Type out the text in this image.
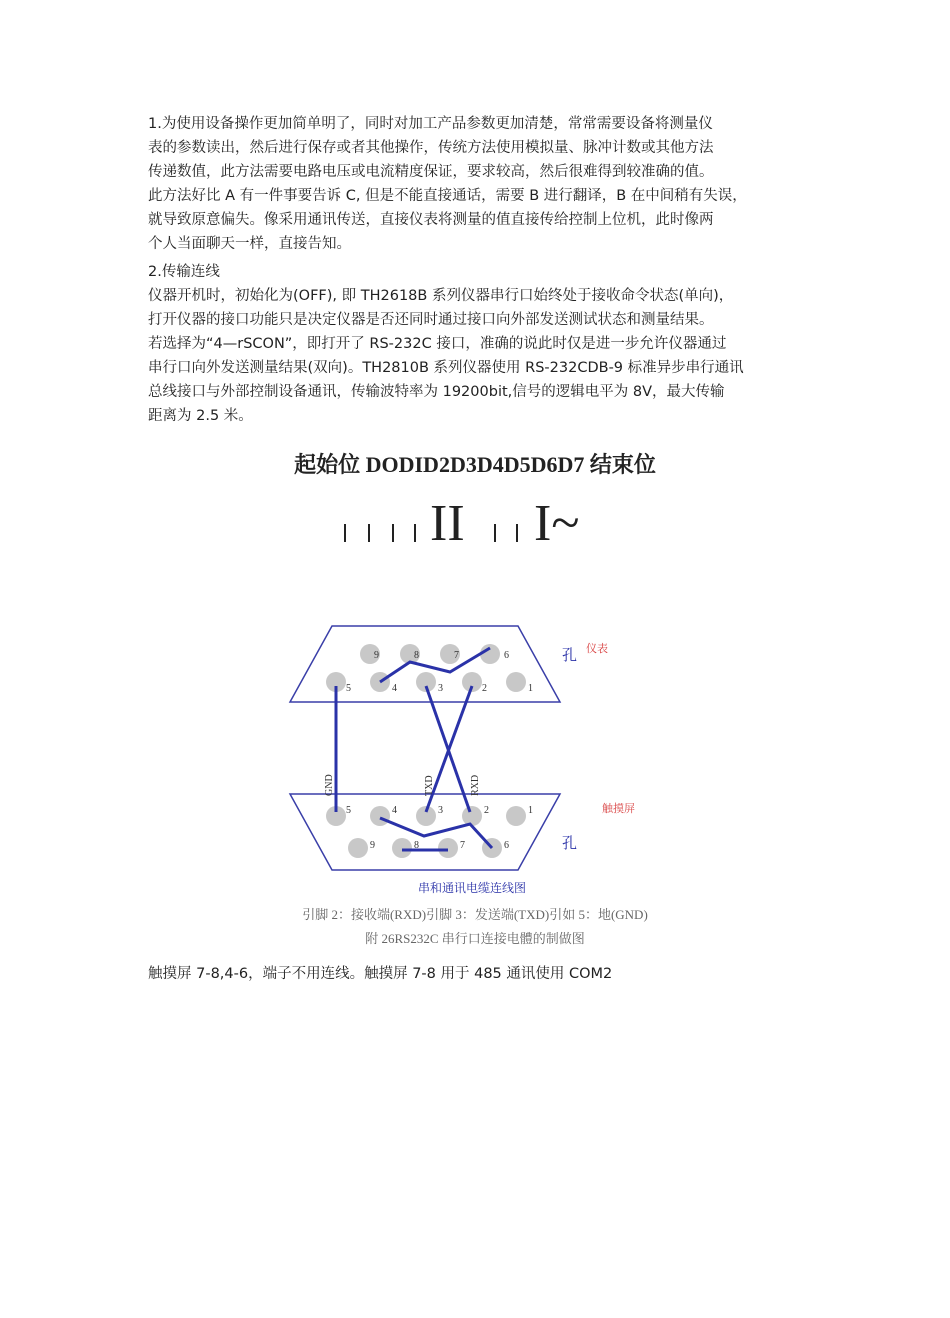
1.为使用设备操作更加简单明了，同时对加工产品参数更加清楚，常常需要设备将测量仪
表的参数读出，然后进行保存或者其他操作，传统方法使用模拟量、脉冲计数或其他方法
传递数值，此方法需要电路电压或电流精度保证，要求较高，然后很难得到较准确的值。
此方法好比 A 有一件事要告诉 C, 但是不能直接通话，需要 B 进行翻译，B 在中间稍有失误，
就导致原意偏失。像采用通讯传送，直接仪表将测量的值直接传给控制上位机，此时像两
个人当面聊天一样，直接告知。
2.传输连线
仪器开机时，初始化为(OFF), 即 TH2618B 系列仪器串行口始终处于接收命令状态(单向)，
打开仪器的接口功能只是决定仪器是否还同时通过接口向外部发送测试状态和测量结果。
若选择为“4—rSCON”，即打开了 RS-232C 接口，准确的说此时仅是进一步允许仪器通过
串行口向外发送测量结果(双向)。TH2810B 系列仪器使用 RS-232CDB-9 标准异步串行通讯
总线接口与外部控制设备通讯，传输波特率为 19200bit,信号的逻辑电平为 8V，最大传输
距离为 2.5 米。
起始位 DODID2D3D4D5D6D7 结束位
II I~
9	8	7	6
5	4	3	2	1
孔 仪表
5	4	3	2	1
9	8	7	6	孔
触摸屏
GND	TXD	RXD
串和通讯电缆连线图
引脚 2：接收端(RXD)引脚 3：发送端(TXD)引如 5：地(GND)
附 26RS232C 串行口连接电體的制做图
触摸屏 7-8,4-6，端子不用连线。触摸屏 7-8 用于 485 通讯使用 COM2
